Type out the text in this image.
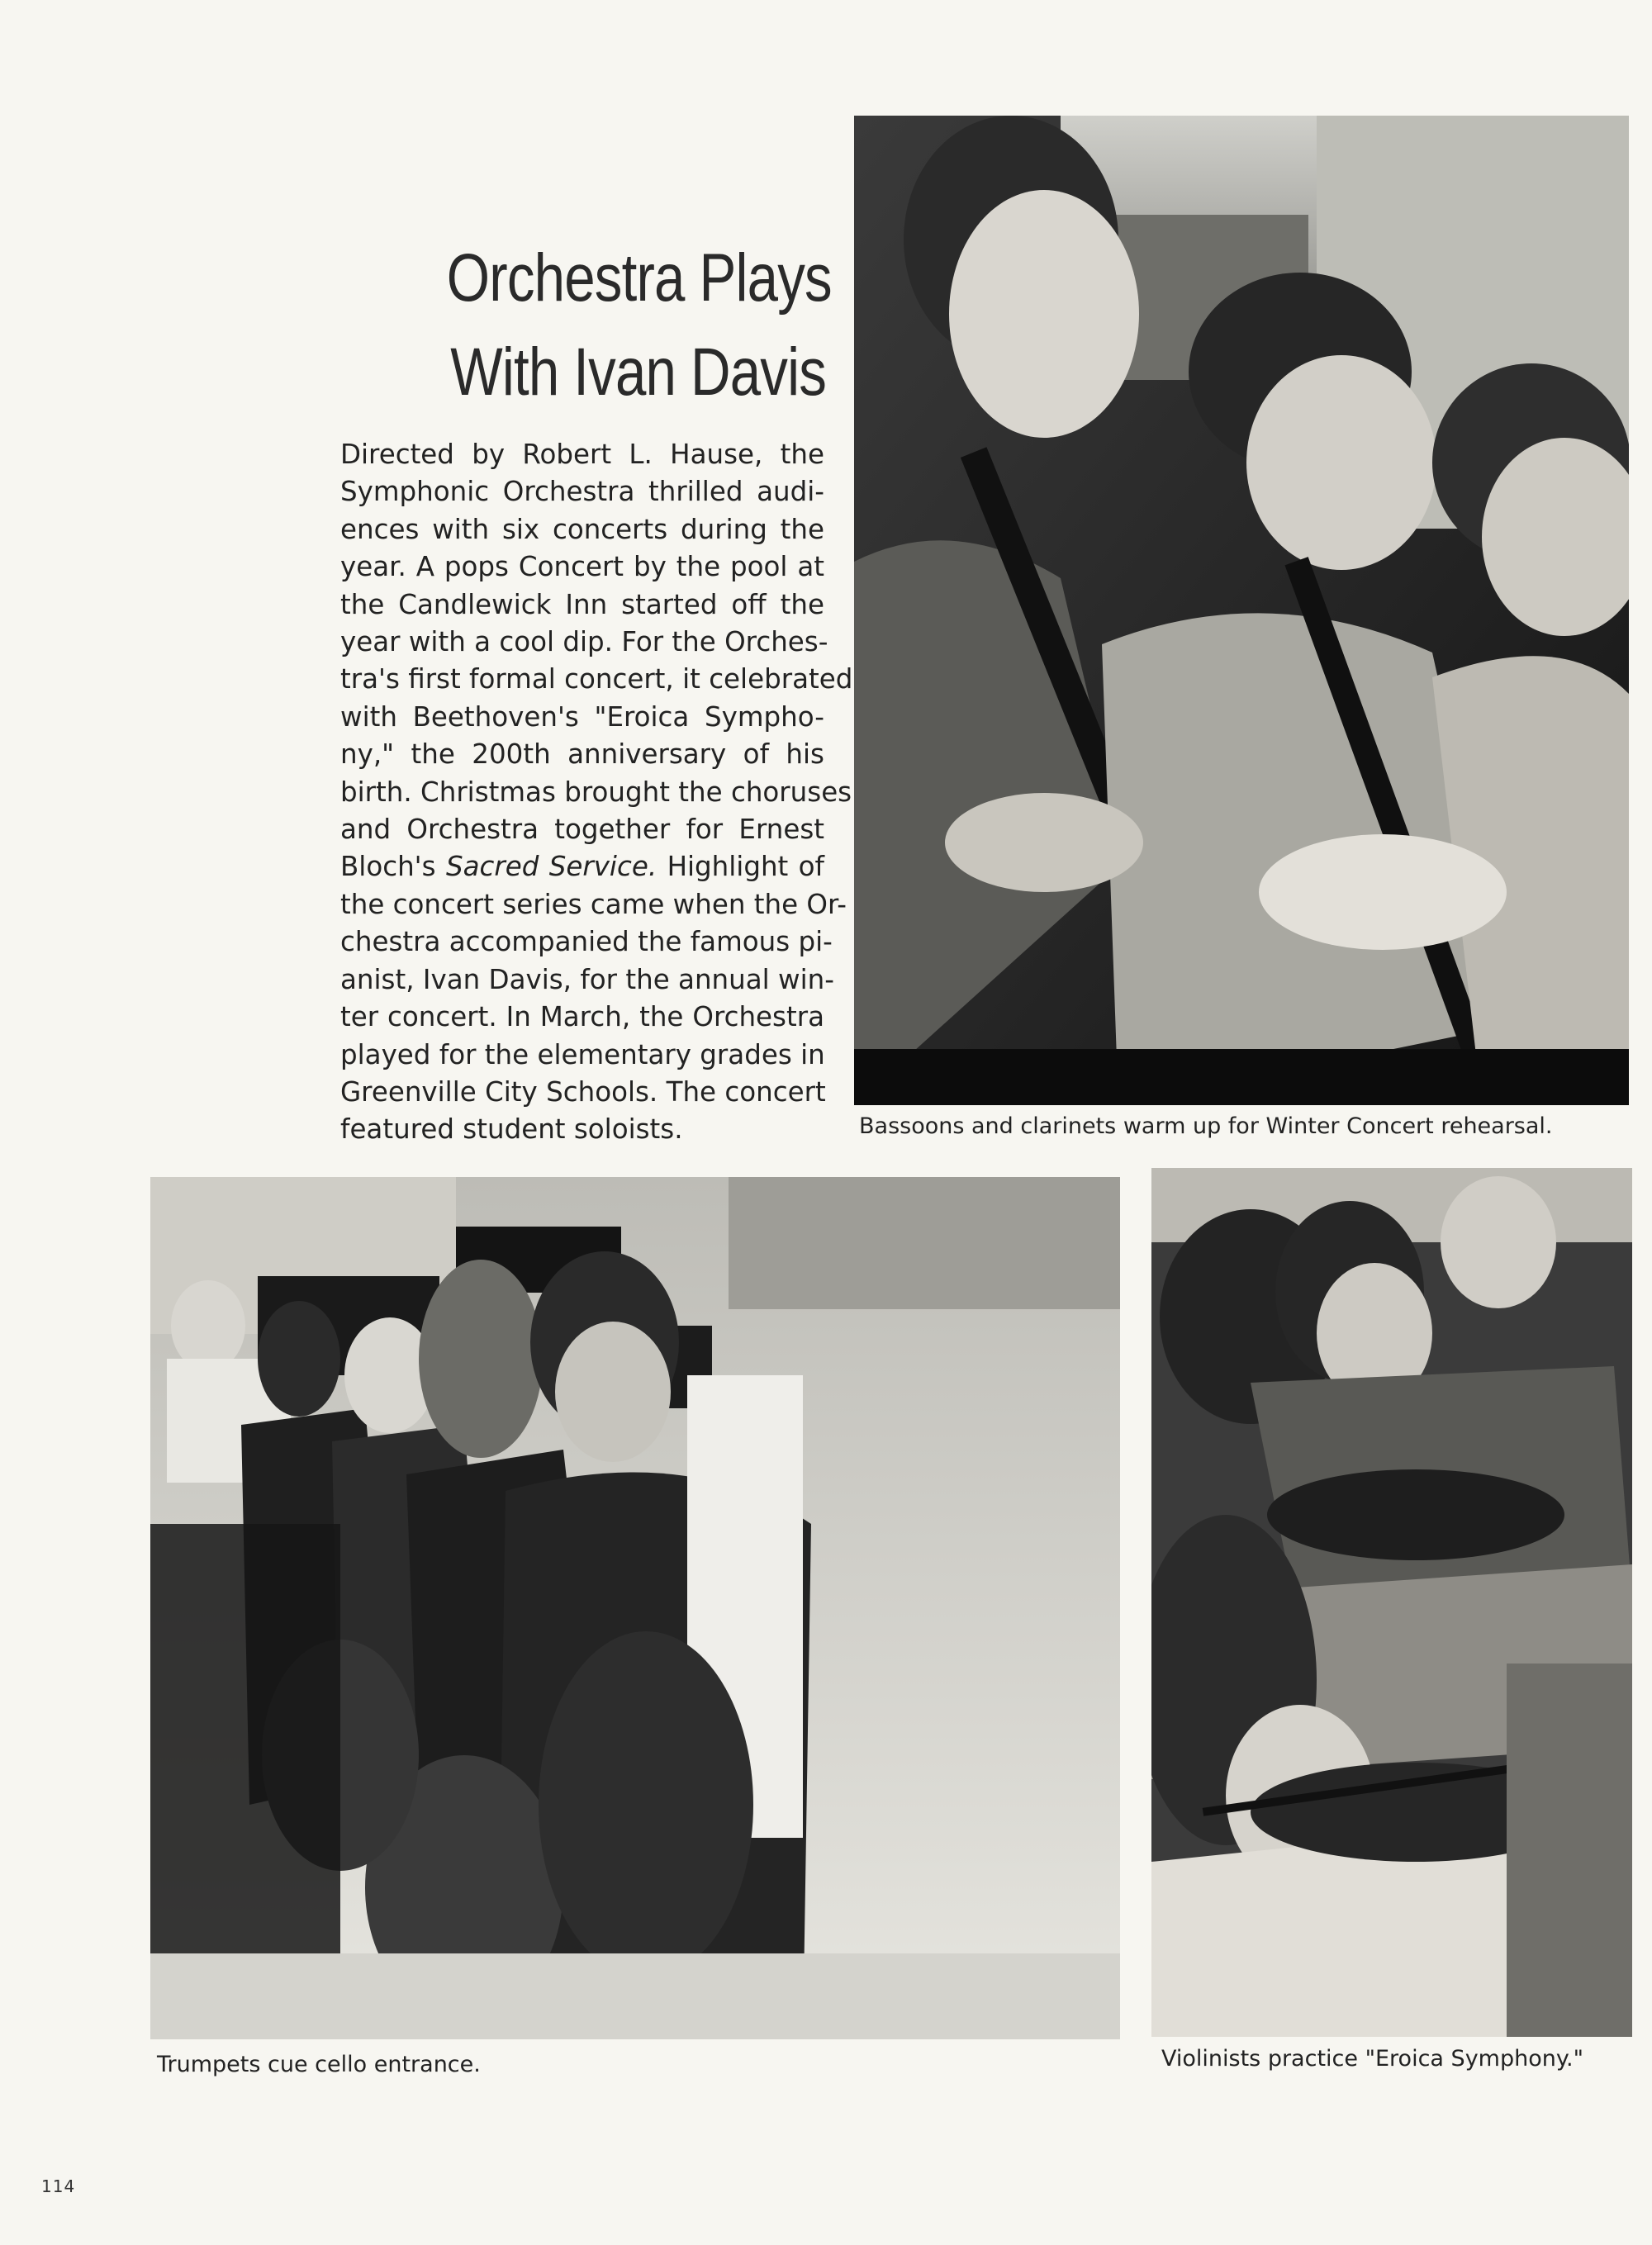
Orchestra Plays
With Ivan Davis
Directed by Robert L. Hause, the
Symphonic Orchestra thrilled audi-
ences with six concerts during the
year. A pops Concert by the pool at
the Candlewick Inn started off the
year with a cool dip. For the Orches-
tra's first formal concert, it celebrated
with Beethoven's "Eroica Sympho-
ny," the 200th anniversary of his
birth. Christmas brought the choruses
and Orchestra together for Ernest
Bloch's Sacred Service. Highlight of
the concert series came when the Or-
chestra accompanied the famous pi-
anist, Ivan Davis, for the annual win-
ter concert. In March, the Orchestra
played for the elementary grades in
Greenville City Schools. The concert
featured student soloists.	Bassoons and clarinets warm up for Winter Concert rehearsal.

Trumpets cue cello entrance.	Violinists practice "Eroica Symphony."

114
